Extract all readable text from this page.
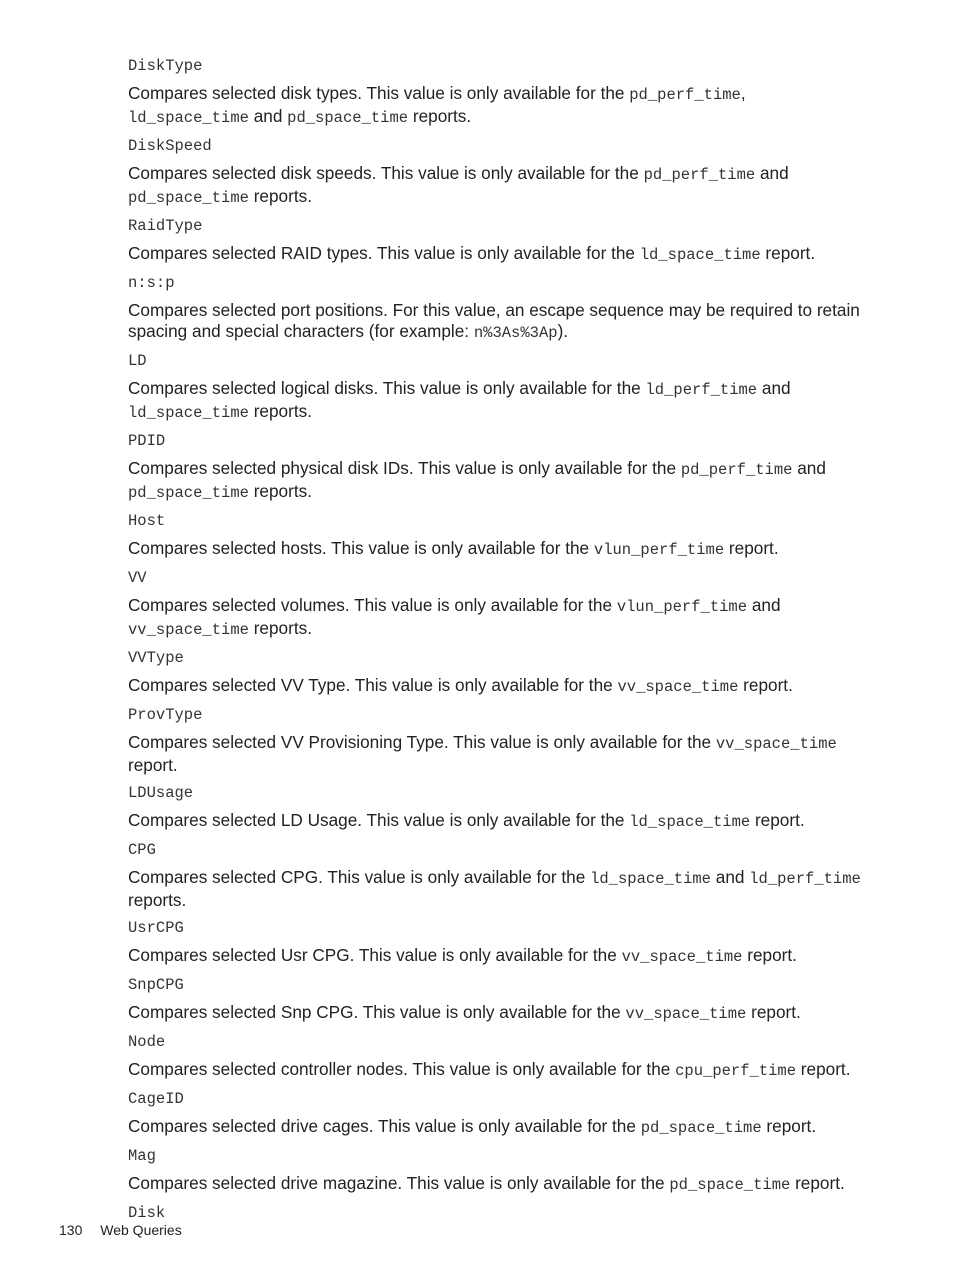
DiskType
Compares selected disk types. This value is only available for the pd_perf_time,
ld_space_time and pd_space_time reports.
DiskSpeed
Compares selected disk speeds. This value is only available for the pd_perf_time and
pd_space_time reports.
RaidType
Compares selected RAID types. This value is only available for the ld_space_time report.
n:s:p
Compares selected port positions. For this value, an escape sequence may be required to retain spacing and special characters (for example: n%3As%3Ap).
LD
Compares selected logical disks. This value is only available for the ld_perf_time and
ld_space_time reports.
PDID
Compares selected physical disk IDs. This value is only available for the pd_perf_time and
pd_space_time reports.
Host
Compares selected hosts. This value is only available for the vlun_perf_time report.
VV
Compares selected volumes. This value is only available for the vlun_perf_time and
vv_space_time reports.
VVType
Compares selected VV Type. This value is only available for the vv_space_time report.
ProvType
Compares selected VV Provisioning Type. This value is only available for the vv_space_time
report.
LDUsage
Compares selected LD Usage. This value is only available for the ld_space_time report.
CPG
Compares selected CPG. This value is only available for the ld_space_time and ld_perf_time
reports.
UsrCPG
Compares selected Usr CPG. This value is only available for the vv_space_time report.
SnpCPG
Compares selected Snp CPG. This value is only available for the vv_space_time report.
Node
Compares selected controller nodes. This value is only available for the cpu_perf_time report.
CageID
Compares selected drive cages. This value is only available for the pd_space_time report.
Mag
Compares selected drive magazine. This value is only available for the pd_space_time report.
Disk
130 Web Queries
